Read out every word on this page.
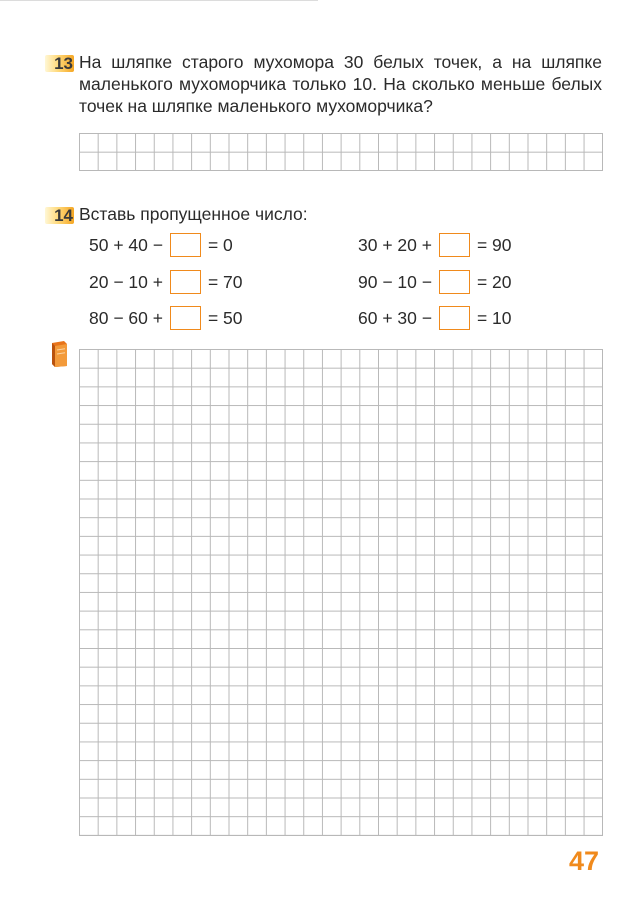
13 На шляпке старого мухомора 30 белых точек, а на шляпке маленького мухоморчика только 10. На сколько меньше белых точек на шляпке маленького мухоморчика?
14 Вставь пропущенное число:
50 + 40 −	= 0
20 − 10 +	= 70
80 − 60 +	= 50
30 + 20 +	= 90
90 − 10 −	= 20
60 + 30 −	= 10
47
